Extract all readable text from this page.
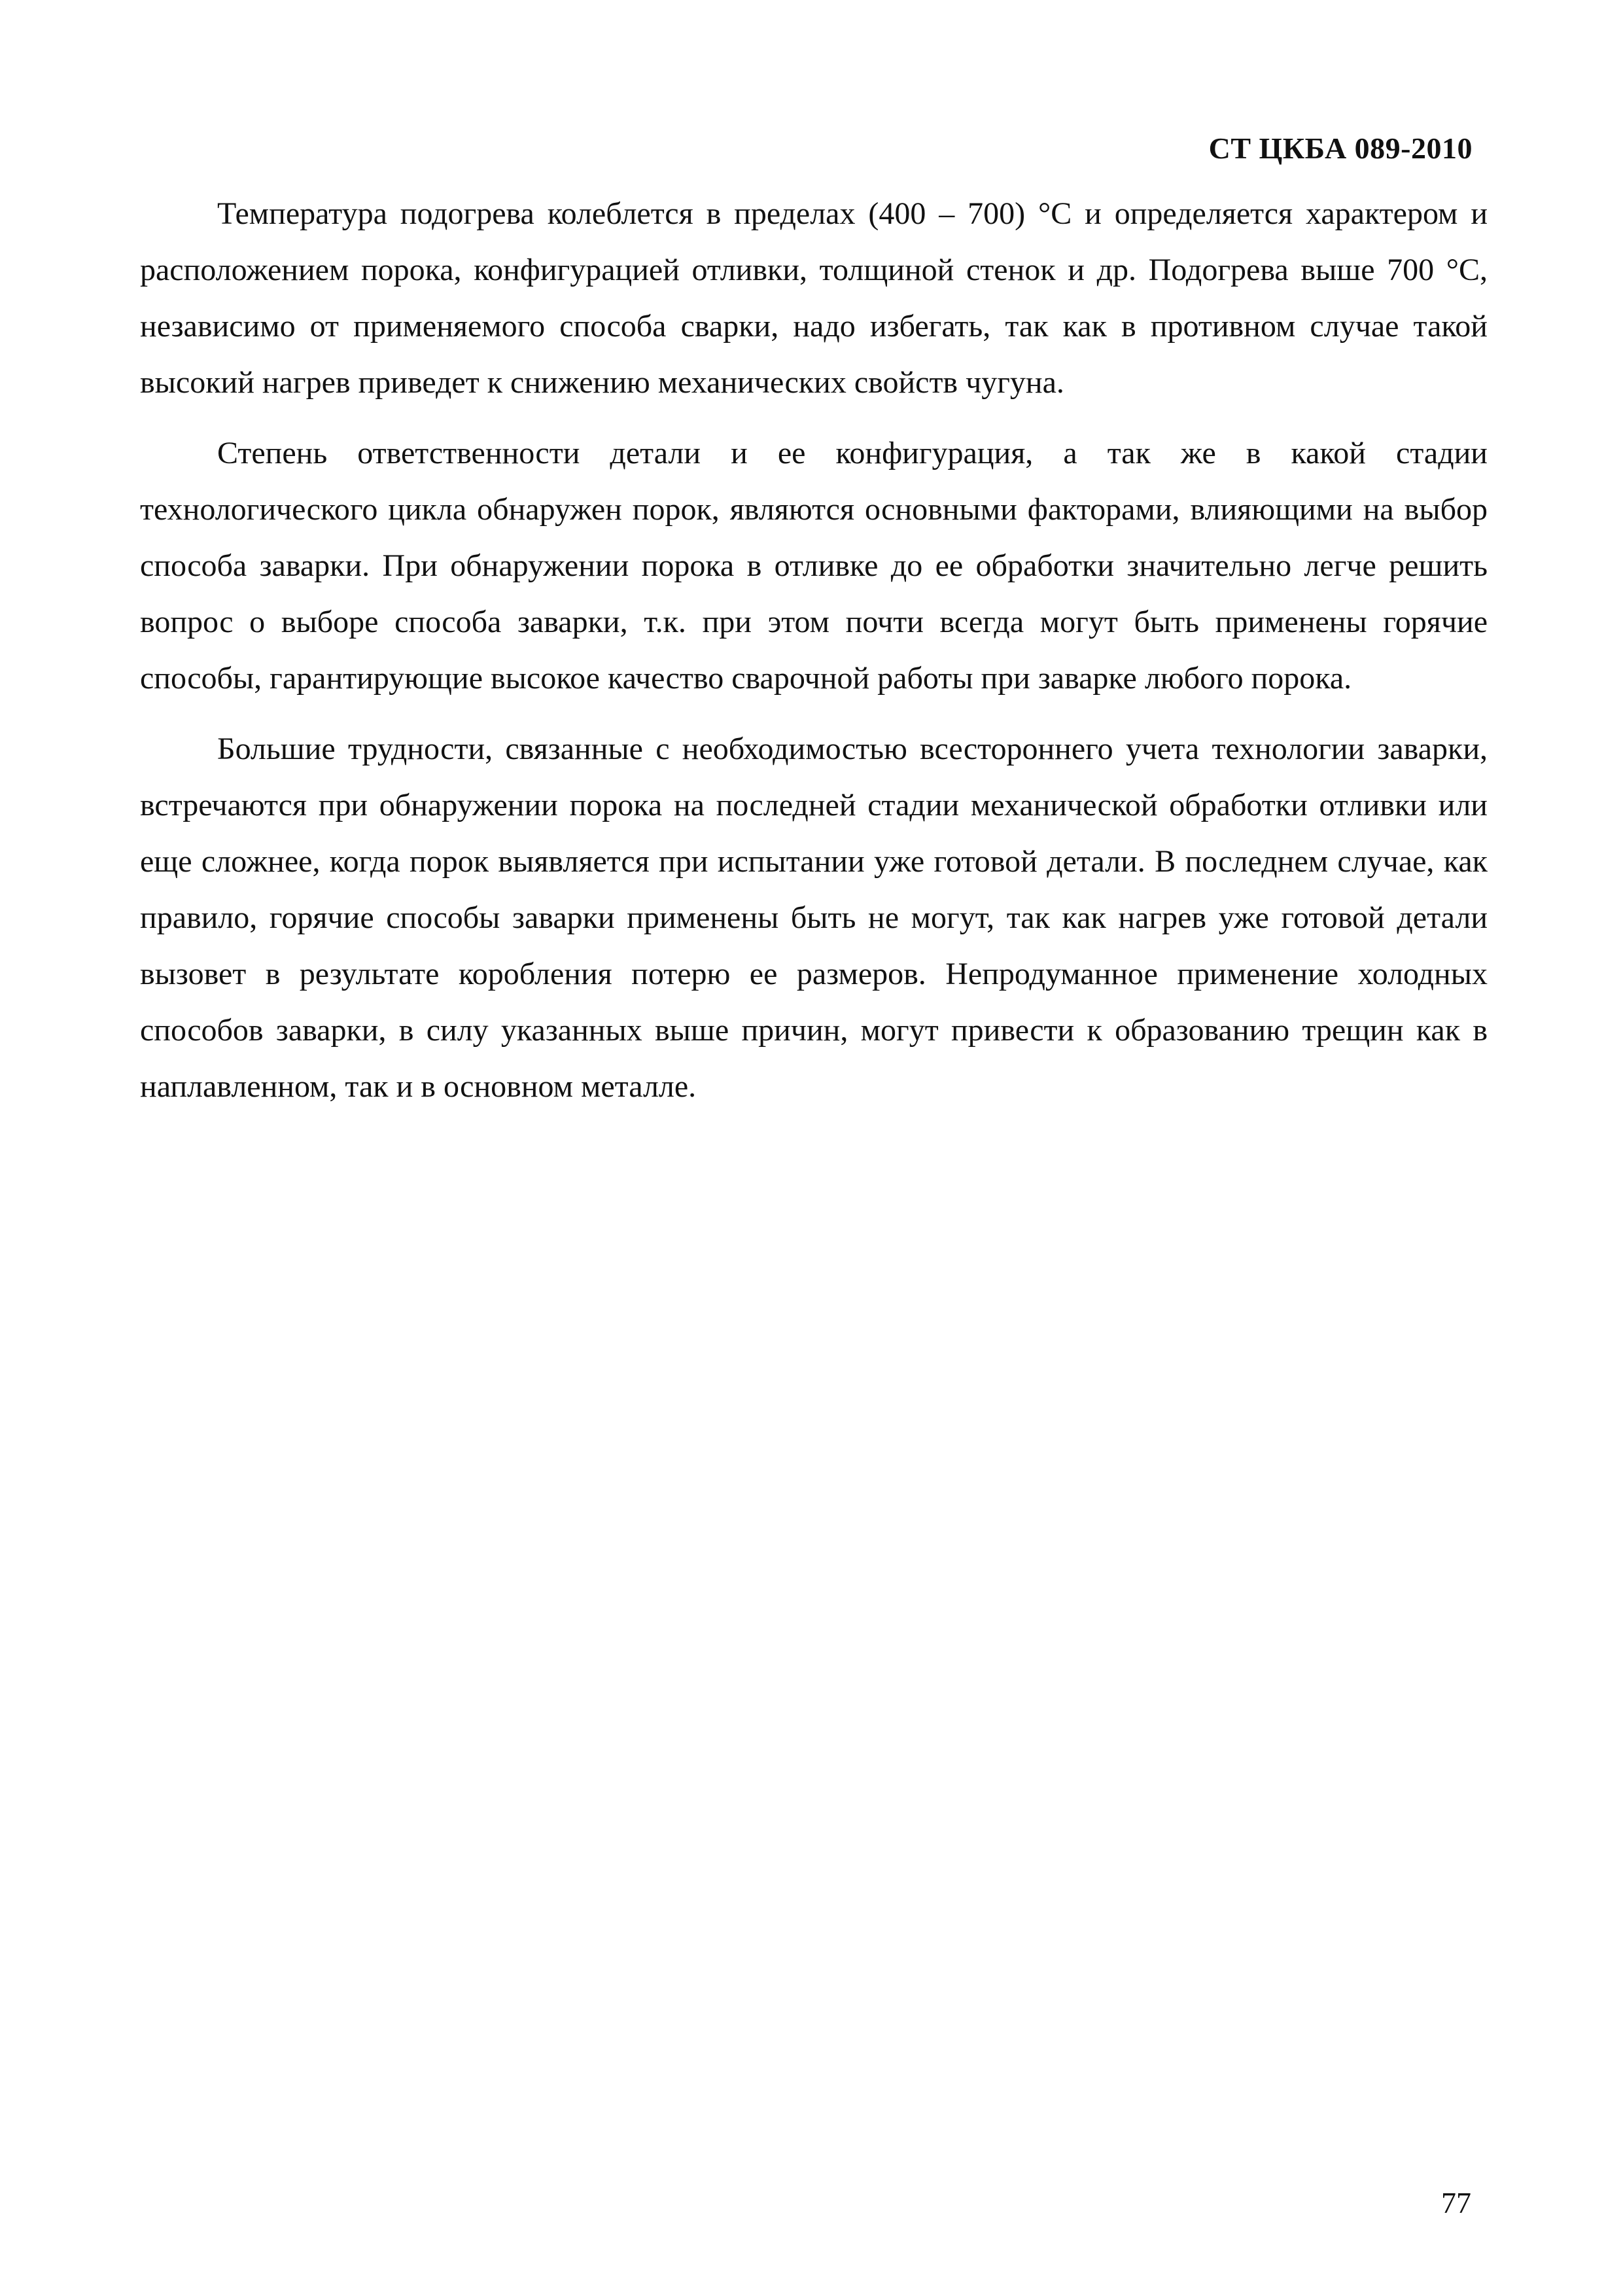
СТ ЦКБА 089-2010

Температура подогрева колеблется в пределах (400 – 700) °С и определяется характером и расположением порока, конфигурацией отливки, толщиной стенок и др. Подогрева выше 700 °С, независимо от применяемого способа сварки, надо избегать, так как в противном случае такой высокий нагрев приведет к снижению механических свойств чугуна.

Степень ответственности детали и ее конфигурация, а так же в какой стадии технологического цикла обнаружен порок, являются основными факторами, влияющими на выбор способа заварки. При обнаружении порока в отливке до ее обработки значительно легче решить вопрос о выборе способа заварки, т.к. при этом почти всегда могут быть применены горячие способы, гарантирующие высокое качество сварочной работы при заварке любого порока.

Большие трудности, связанные с необходимостью всестороннего учета технологии заварки, встречаются при обнаружении порока на последней стадии механической обработки отливки или еще сложнее, когда порок выявляется при испытании уже готовой детали. В последнем случае, как правило, горячие способы заварки применены быть не могут, так как нагрев уже готовой детали вызовет в результате коробления потерю ее размеров. Непродуманное применение холодных способов заварки, в силу указанных выше причин, могут привести к образованию трещин как в наплавленном, так и в основном металле.

77
